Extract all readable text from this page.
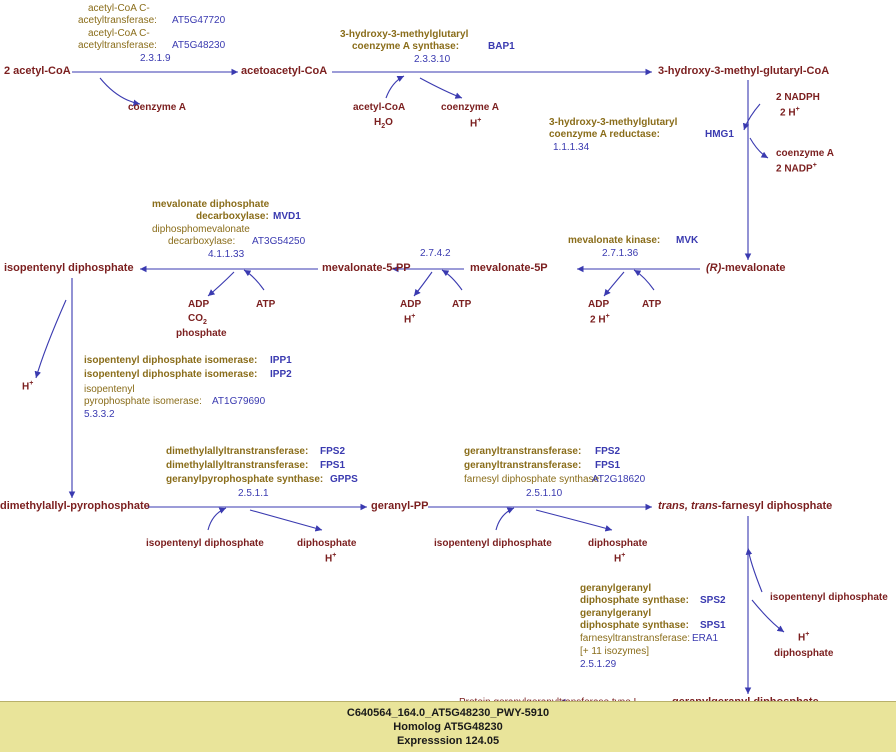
acetyl-CoA C-
acetyltransferase: AT5G47720
acetyl-CoA C-
acetyltransferase: AT5G48230
2.3.1.9
3-hydroxy-3-methylglutaryl
coenzyme A synthase:	BAP1
2.3.3.10
3-hydroxy-3-methylglutaryl
coenzyme A reductase:	HMG1
1.1.1.34
mevalonate kinase: MVK
2.7.1.36
2.7.4.2
mevalonate diphosphate
decarboxylase: MVD1
diphosphomevalonate
decarboxylase: AT3G54250
4.1.1.33
isopentenyl diphosphate isomerase: IPP1
isopentenyl diphosphate isomerase: IPP2
isopentenyl
pyrophosphate isomerase: AT1G79690
5.3.3.2
dimethylallyltranstransferase: FPS2
dimethylallyltranstransferase: FPS1
geranylpyrophosphate synthase: GPPS
2.5.1.1
geranyltranstransferase: FPS2
geranyltranstransferase: FPS1
farnesyl diphosphate synthase:
AT2G18620
2.5.1.10
geranylgeranyl
diphosphate synthase: SPS2
geranylgeranyl
diphosphate synthase: SPS1
farnesyltranstransferase: ERA1
[+ 11 isozymes]
2.5.1.29
2 acetyl-CoA	acetoacetyl-CoA	3-hydroxy-3-methyl-glutaryl-CoA
(R)-mevalonate
mevalonate-5P
mevalonate-5-PP
isopentenyl diphosphate
dimethylallyl-pyrophosphate	geranyl-PP	trans, trans-farnesyl diphosphate
coenzyme A	acetyl-CoA
$H_2O$
coenzyme A
H+
2 NADPH
2 H+
coenzyme A
2 NADP+
ADP	ATP
2 H+
ADP	ATP
H+
ADP	ATP
$CO_2$
phosphate
H+
isopentenyl diphosphate	diphosphate
H+
isopentenyl diphosphate	diphosphate
H+
isopentenyl diphosphate
H+
diphosphate
C640564_164.0_AT5G48230_PWY-5910
Homolog AT5G48230
Expresssion 124.05
